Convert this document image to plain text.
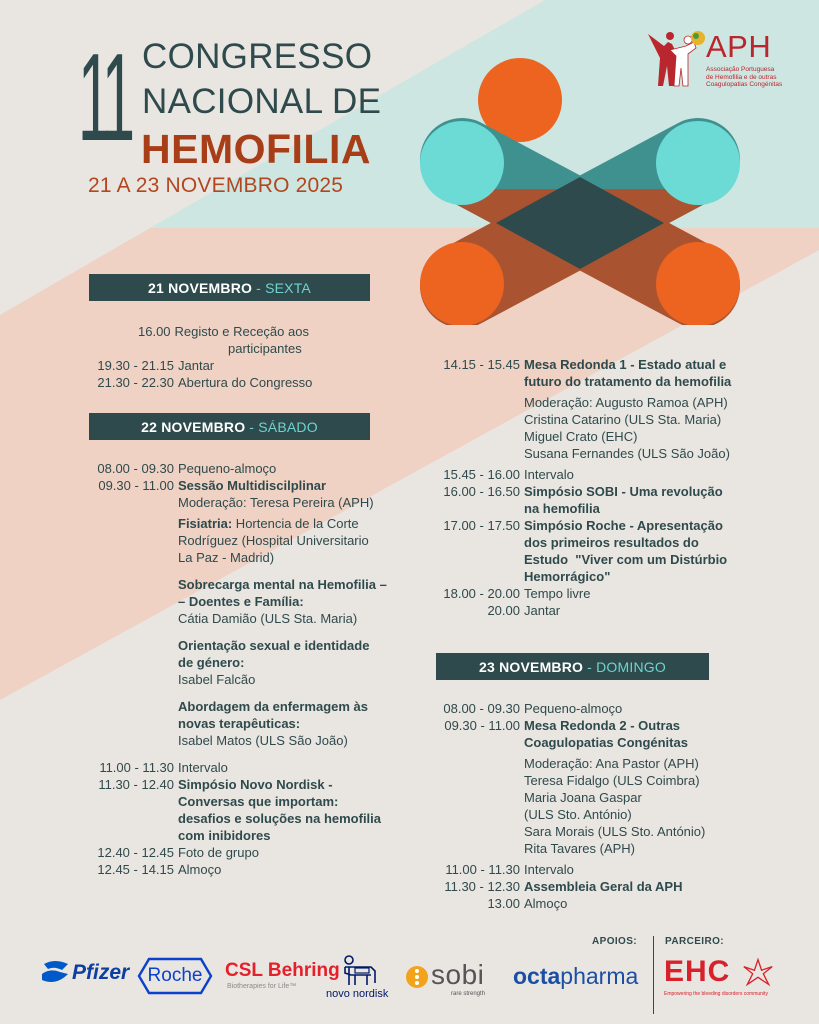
11 CONGRESSO
NACIONAL DE
HEMOFILIA
21 A 23 NOVEMBRO 2025
APH
Associação Portuguesa
de Hemofilia e de outras
Coagulopatias Congénitas
21 NOVEMBRO - SEXTA
16.00 Registo e Receção aos
participantes
19.30 - 21.15 Jantar
21.30 - 22.30 Abertura do Congresso
22 NOVEMBRO - SÁBADO
08.00 - 09.30 Pequeno-almoço
09.30 - 11.00 Sessão Multidiscilplinar
Moderação: Teresa Pereira (APH)
Fisiatria: Hortencia de la Corte
Rodríguez (Hospital Universitario
La Paz - Madrid)
Sobrecarga mental na Hemofilia –
– Doentes e Família:
Cátia Damião (ULS Sta. Maria)
Orientação sexual e identidade
de género:
Isabel Falcão
Abordagem da enfermagem às
novas terapêuticas:
Isabel Matos (ULS São João)
11.00 - 11.30 Intervalo
11.30 - 12.40 Simpósio Novo Nordisk -
Conversas que importam:
desafios e soluções na hemofilia
com inibidores
12.40 - 12.45 Foto de grupo
12.45 - 14.15 Almoço
14.15 - 15.45 Mesa Redonda 1 - Estado atual e
futuro do tratamento da hemofilia
Moderação: Augusto Ramoa (APH)
Cristina Catarino (ULS Sta. Maria)
Miguel Crato (EHC)
Susana Fernandes (ULS São João)
15.45 - 16.00 Intervalo
16.00 - 16.50 Simpósio SOBI - Uma revolução
na hemofilia
17.00 - 17.50 Simpósio Roche - Apresentação
dos primeiros resultados do
Estudo  "Viver com um Distúrbio
Hemorrágico"
18.00 - 20.00 Tempo livre
20.00 Jantar
23 NOVEMBRO - DOMINGO
08.00 - 09.30 Pequeno-almoço
09.30 - 11.00 Mesa Redonda 2 - Outras
Coagulopatias Congénitas
Moderação: Ana Pastor (APH)
Teresa Fidalgo (ULS Coimbra)
Maria Joana Gaspar
(ULS Sto. António)
Sara Morais (ULS Sto. António)
Rita Tavares (APH)
11.00 - 11.30 Intervalo
11.30 - 12.30 Assembleia Geral da APH
13.00 Almoço
APOIOS:	PARCEIRO:
Pfizer Roche	CSL Behring
Biotherapies for Life™
novo nordisk
sobi
rare strength
octapharma EHC
Empowering the bleeding disorders community
